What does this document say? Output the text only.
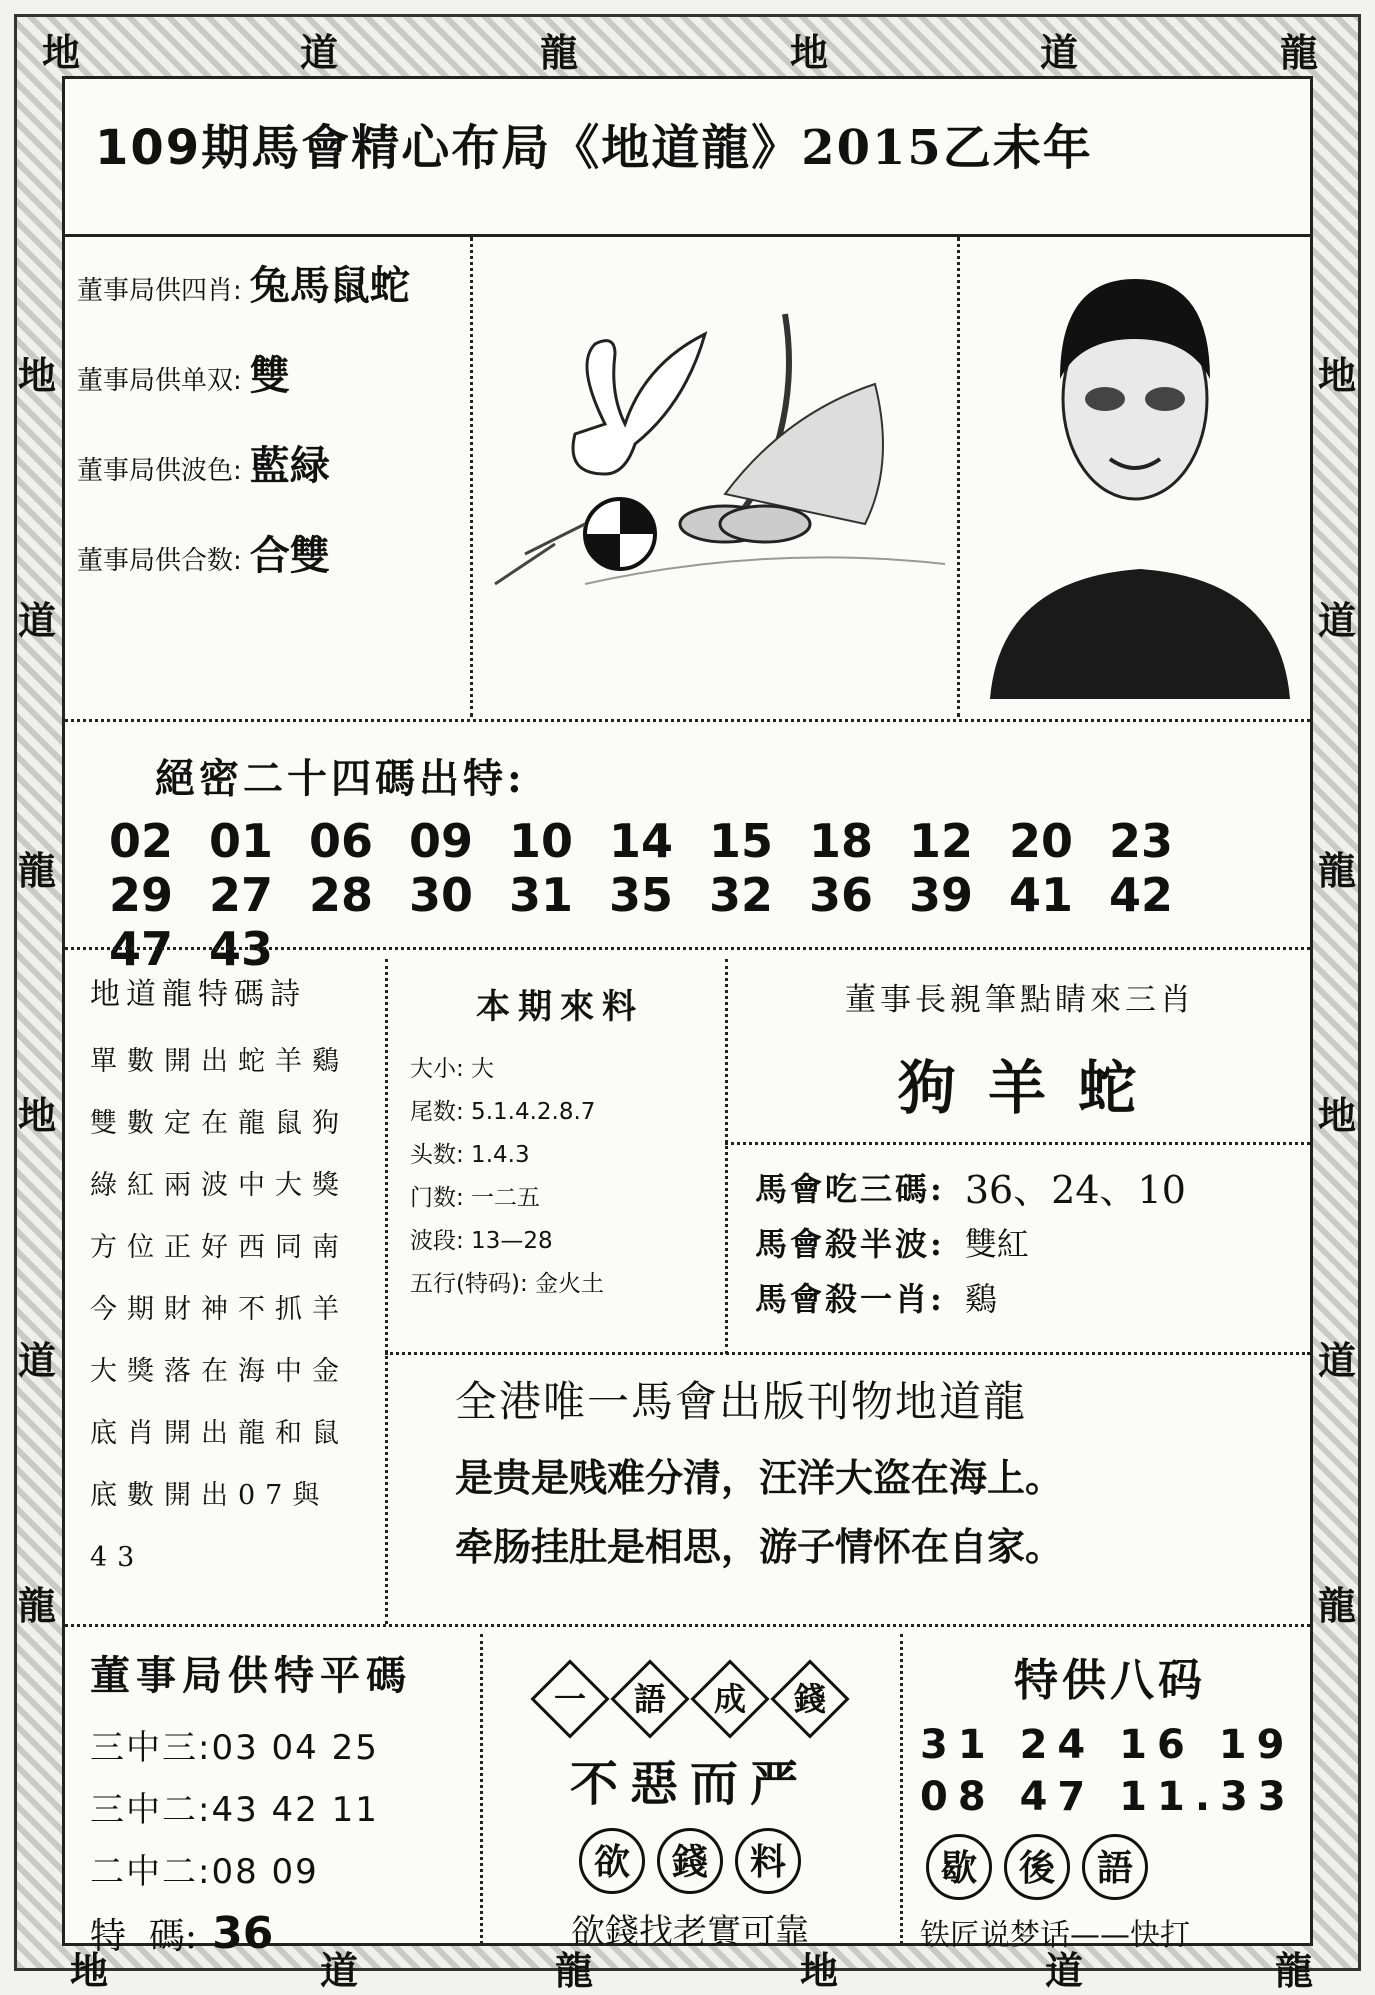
地	道	龍	地	道	龍
地
道
龍
地
道
龍
地
道
龍
地
道
龍
地	道	龍	地	道	龍
109期馬會精心布局《地道龍》2015乙未年
董事局供四肖: 兔馬鼠蛇
董事局供单双: 雙
董事局供波色: 藍緑
董事局供合数: 合雙
絕密二十四碼出特:
02 01 06 09 10 14 15 18 12 20 23
29 27 28 30 31 35 32 36 39 41 42
47 43
地道龍特碼詩
單數開出蛇羊鷄
雙數定在龍鼠狗
綠紅兩波中大獎
方位正好西同南
今期財神不抓羊
大獎落在海中金
底肖開出龍和鼠
底數開出07與43
本期來料
大小: 大
尾数: 5.1.4.2.8.7
头数: 1.4.3
门数: 一二五
波段: 13—28
五行(特码): 金火土
董事長親筆點睛來三肖
狗 羊 蛇
馬會吃三碼: 36、24、10
馬會殺半波: 雙紅
馬會殺一肖: 鷄
全港唯一馬會出版刊物地道龍
是贵是贱难分清，汪洋大盗在海上。
牵肠挂肚是相思，游子情怀在自家。
董事局供特平碼
三中三:03 04 25
三中二:43 42 11
二中二:08 09
特  碼: 36
一 語 成 錢
不惡而严
欲 錢 料
欲錢找老實可靠
特供八码
31 24 16 19
08 47 11.33
歇 後 語
铁匠说梦话——快打
